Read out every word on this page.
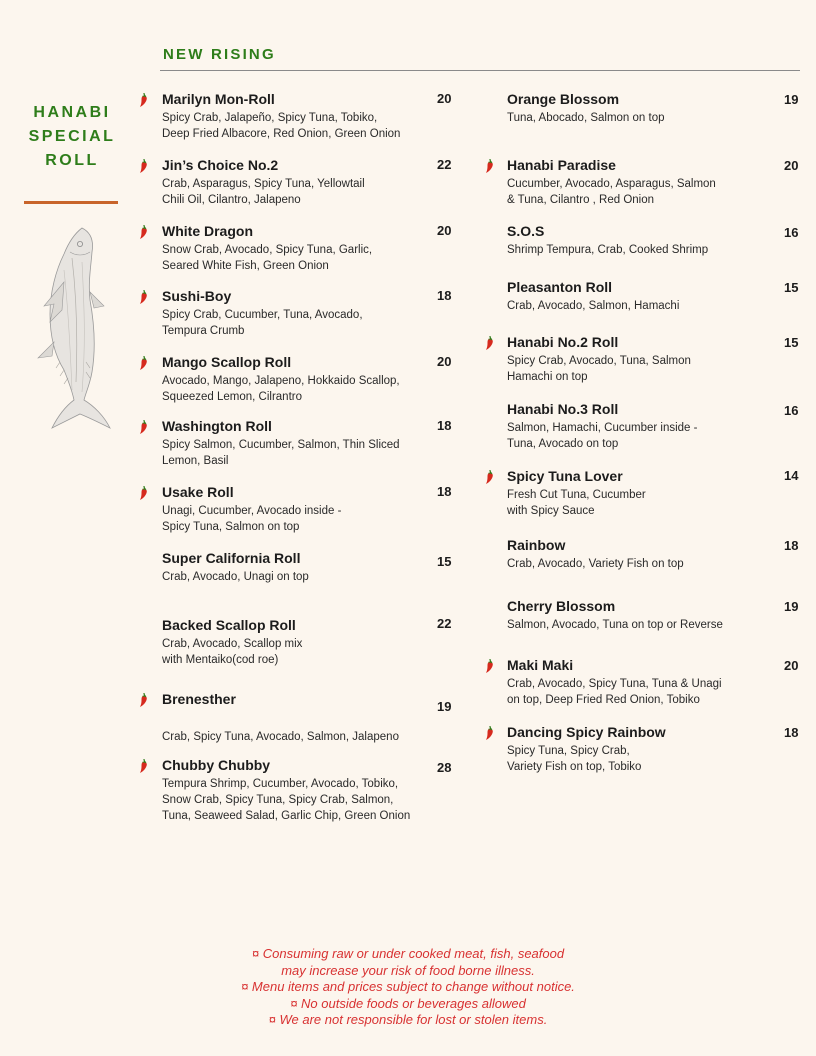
NEW RISING
HANABI
SPECIAL
ROLL
Marilyn Mon-Roll	20
Spicy Crab, Jalapeño, Spicy Tuna, Tobiko,
Deep Fried Albacore, Red Onion, Green Onion
Jin’s Choice No.2	22
Crab, Asparagus, Spicy Tuna, Yellowtail
Chili Oil, Cilantro, Jalapeno
White Dragon	20
Snow Crab, Avocado, Spicy Tuna, Garlic,
Seared White Fish, Green Onion
Sushi-Boy	18
Spicy Crab, Cucumber, Tuna, Avocado,
Tempura Crumb
Mango Scallop Roll	20
Avocado, Mango, Jalapeno, Hokkaido Scallop,
Squeezed Lemon, Cilrantro
Washington Roll	18
Spicy Salmon, Cucumber, Salmon, Thin Sliced
Lemon, Basil
Usake Roll	18
Unagi, Cucumber, Avocado inside -
Spicy Tuna, Salmon on top
Super California Roll	15
Crab, Avocado, Unagi on top
Backed Scallop Roll	22
Crab, Avocado, Scallop mix
with Mentaiko(cod roe)
Brenesther	19
Crab, Spicy Tuna, Avocado, Salmon, Jalapeno
Chubby Chubby	28
Tempura Shrimp, Cucumber, Avocado, Tobiko,
Snow Crab, Spicy Tuna, Spicy Crab, Salmon,
Tuna, Seaweed Salad, Garlic Chip, Green Onion
Orange Blossom	19
Tuna, Abocado, Salmon on top
Hanabi Paradise	20
Cucumber, Avocado, Asparagus, Salmon
& Tuna, Cilantro , Red Onion
S.O.S	16
Shrimp Tempura, Crab, Cooked Shrimp
Pleasanton Roll	15
Crab, Avocado, Salmon, Hamachi
Hanabi No.2 Roll	15
Spicy Crab, Avocado, Tuna, Salmon
Hamachi on top
Hanabi No.3 Roll	16
Salmon, Hamachi, Cucumber inside -
Tuna, Avocado on top
Spicy Tuna Lover	14
Fresh Cut Tuna, Cucumber
with Spicy Sauce
Rainbow	18
Crab, Avocado, Variety Fish on top
Cherry Blossom	19
Salmon, Avocado, Tuna on top or Reverse
Maki Maki	20
Crab, Avocado, Spicy Tuna, Tuna & Unagi
on top, Deep Fried Red Onion, Tobiko
Dancing Spicy Rainbow	18
Spicy Tuna, Spicy Crab,
Variety Fish on top, Tobiko
¤ Consuming raw or under cooked meat, fish, seafood
may increase your risk of food borne illness.
¤ Menu items and prices subject to change without notice.
¤ No outside foods or beverages allowed
¤ We are not responsible for lost or stolen items.
